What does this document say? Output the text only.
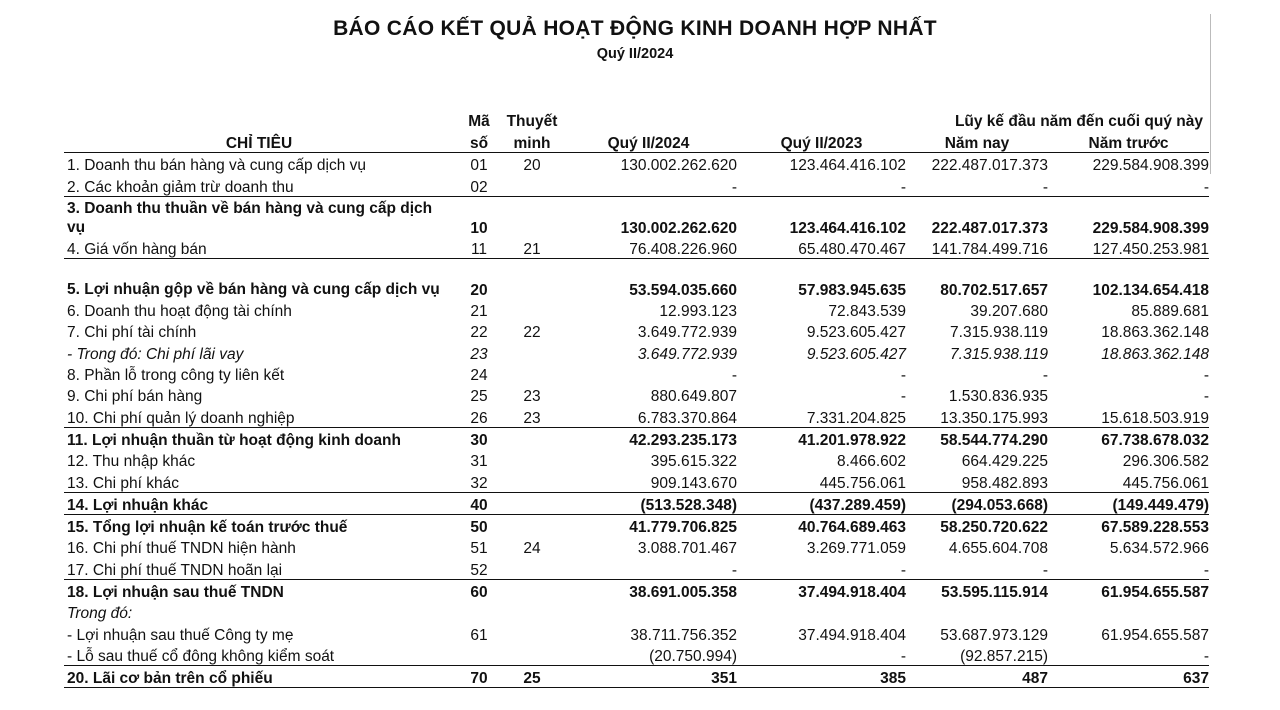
BÁO CÁO KẾT QUẢ HOẠT ĐỘNG KINH DOANH HỢP NHẤT
Quý II/2024
	Mã	Thuyết			Lũy kế đầu năm đến cuối quý này	
CHỈ TIÊU	số	minh	Quý II/2024	Quý II/2023	Năm nay	Năm trước
1. Doanh thu bán hàng và cung cấp dịch vụ	01	20	130.002.262.620	123.464.416.102	222.487.017.373	229.584.908.399
2. Các khoản giảm trừ doanh thu	02		-	-	-	-
3. Doanh thu thuần về bán hàng và cung cấp dịch vụ	10		130.002.262.620	123.464.416.102	222.487.017.373	229.584.908.399
4. Giá vốn hàng bán	11	21	76.408.226.960	65.480.470.467	141.784.499.716	127.450.253.981
5. Lợi nhuận gộp về bán hàng và cung cấp dịch vụ	20		53.594.035.660	57.983.945.635	80.702.517.657	102.134.654.418
6. Doanh thu hoạt động tài chính	21		12.993.123	72.843.539	39.207.680	85.889.681
7. Chi phí tài chính	22	22	3.649.772.939	9.523.605.427	7.315.938.119	18.863.362.148
- Trong đó: Chi phí lãi vay	23		3.649.772.939	9.523.605.427	7.315.938.119	18.863.362.148
8. Phần lỗ trong công ty liên kết	24		-	-	-	-
9. Chi phí bán hàng	25	23	880.649.807	-	1.530.836.935	-
10. Chi phí quản lý doanh nghiệp	26	23	6.783.370.864	7.331.204.825	13.350.175.993	15.618.503.919
11. Lợi nhuận thuần từ hoạt động kinh doanh	30		42.293.235.173	41.201.978.922	58.544.774.290	67.738.678.032
12. Thu nhập khác	31		395.615.322	8.466.602	664.429.225	296.306.582
13. Chi phí khác	32		909.143.670	445.756.061	958.482.893	445.756.061
14. Lợi nhuận khác	40		(513.528.348)	(437.289.459)	(294.053.668)	(149.449.479)
15. Tổng lợi nhuận kế toán trước thuế	50		41.779.706.825	40.764.689.463	58.250.720.622	67.589.228.553
16. Chi phí thuế TNDN hiện hành	51	24	3.088.701.467	3.269.771.059	4.655.604.708	5.634.572.966
17. Chi phí thuế TNDN hoãn lại	52		-	-	-	-
18. Lợi nhuận sau thuế TNDN	60		38.691.005.358	37.494.918.404	53.595.115.914	61.954.655.587
Trong đó:						
- Lợi nhuận sau thuế Công ty mẹ	61		38.711.756.352	37.494.918.404	53.687.973.129	61.954.655.587
- Lỗ sau thuế cổ đông không kiểm soát			(20.750.994)	-	(92.857.215)	-
20. Lãi cơ bản trên cổ phiếu	70	25	351	385	487	637
